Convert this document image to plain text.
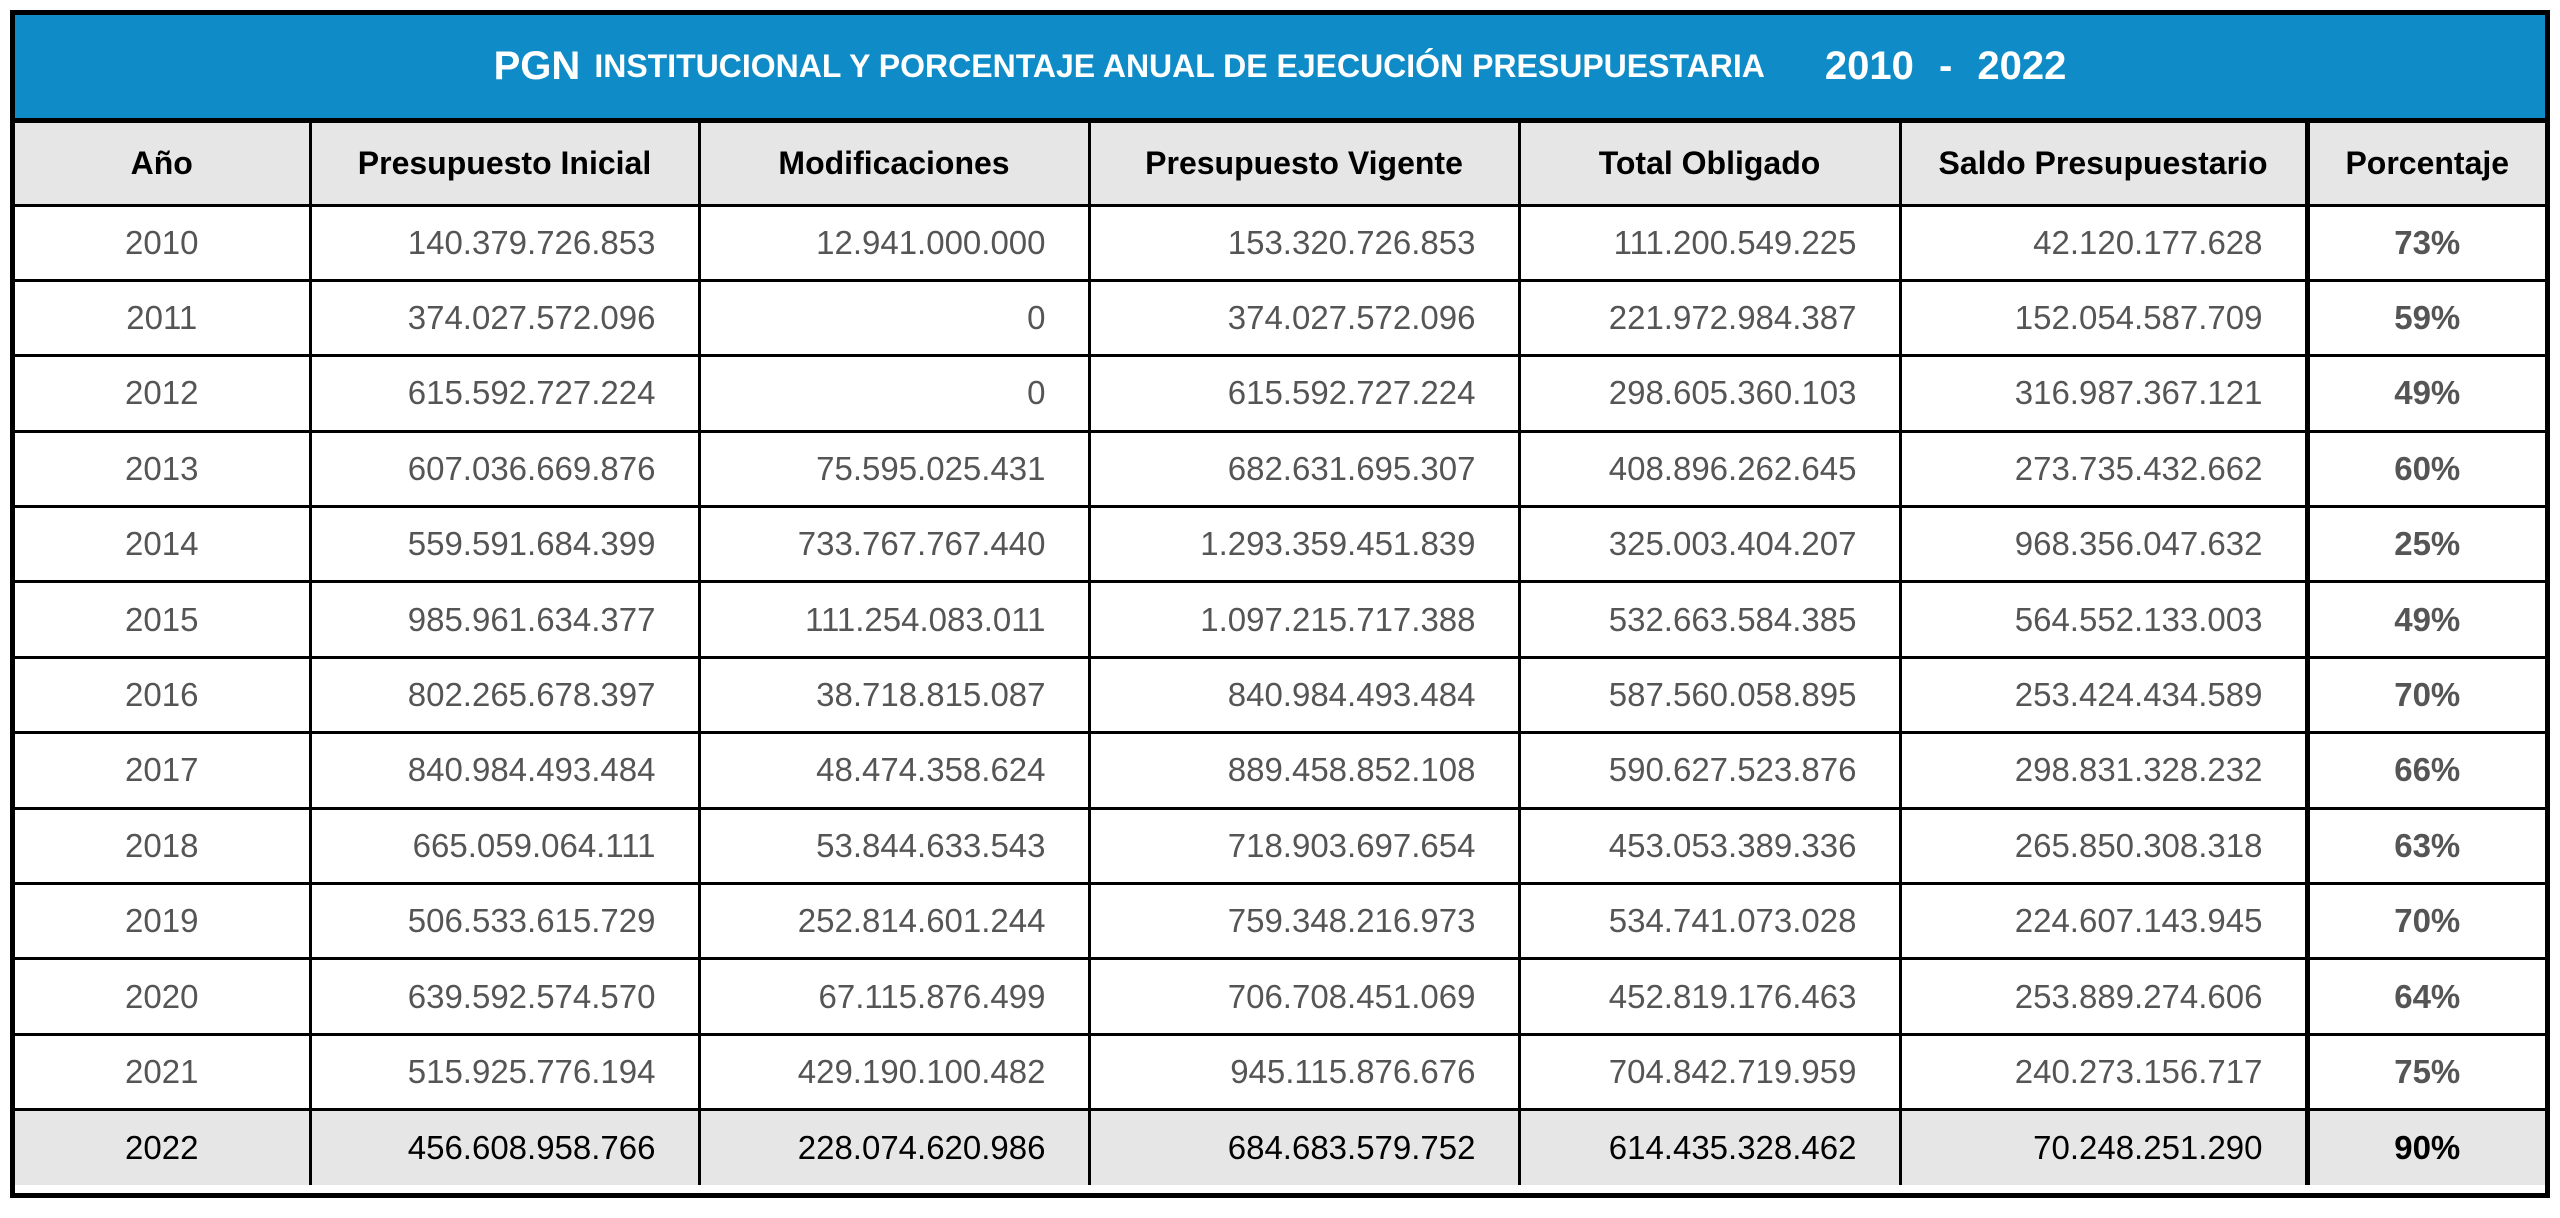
PGN INSTITUCIONAL Y PORCENTAJE ANUAL DE EJECUCIÓN PRESUPUESTARIA 2010 - 2022
Año	Presupuesto Inicial	Modificaciones	Presupuesto Vigente	Total Obligado	Saldo Presupuestario	Porcentaje
2010	140.379.726.853	12.941.000.000	153.320.726.853	111.200.549.225	42.120.177.628	73%
2011	374.027.572.096	0	374.027.572.096	221.972.984.387	152.054.587.709	59%
2012	615.592.727.224	0	615.592.727.224	298.605.360.103	316.987.367.121	49%
2013	607.036.669.876	75.595.025.431	682.631.695.307	408.896.262.645	273.735.432.662	60%
2014	559.591.684.399	733.767.767.440	1.293.359.451.839	325.003.404.207	968.356.047.632	25%
2015	985.961.634.377	111.254.083.011	1.097.215.717.388	532.663.584.385	564.552.133.003	49%
2016	802.265.678.397	38.718.815.087	840.984.493.484	587.560.058.895	253.424.434.589	70%
2017	840.984.493.484	48.474.358.624	889.458.852.108	590.627.523.876	298.831.328.232	66%
2018	665.059.064.111	53.844.633.543	718.903.697.654	453.053.389.336	265.850.308.318	63%
2019	506.533.615.729	252.814.601.244	759.348.216.973	534.741.073.028	224.607.143.945	70%
2020	639.592.574.570	67.115.876.499	706.708.451.069	452.819.176.463	253.889.274.606	64%
2021	515.925.776.194	429.190.100.482	945.115.876.676	704.842.719.959	240.273.156.717	75%
2022	456.608.958.766	228.074.620.986	684.683.579.752	614.435.328.462	70.248.251.290	90%
